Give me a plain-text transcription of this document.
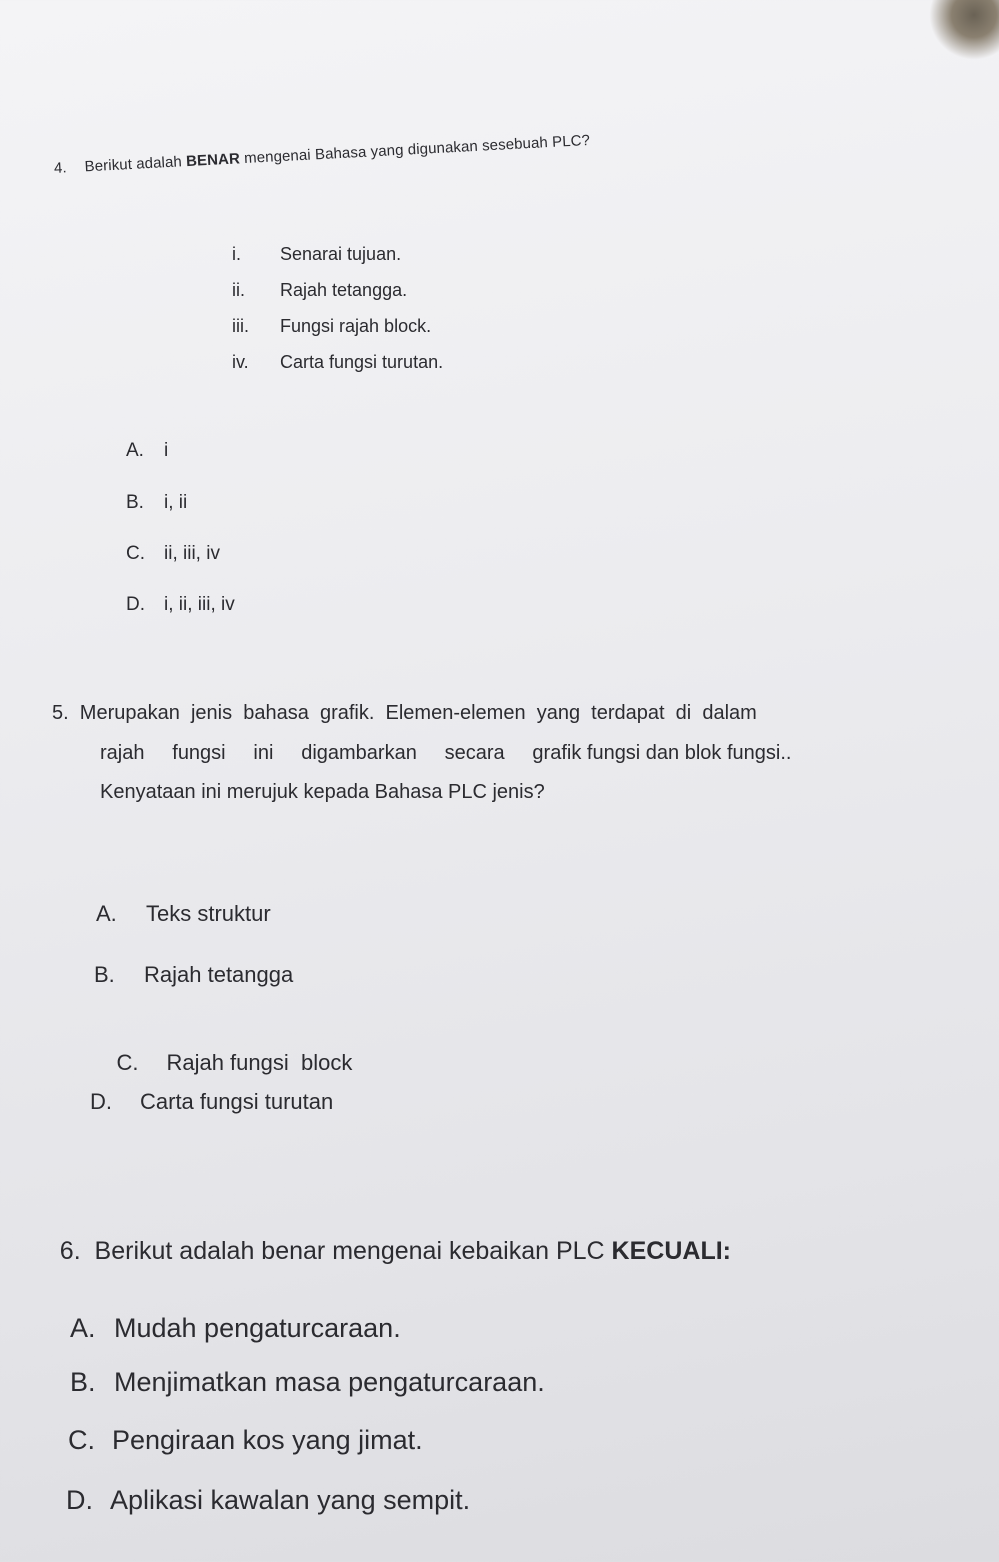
4. Berikut adalah BENAR mengenai Bahasa yang digunakan sesebuah PLC?
i. Senarai tujuan.
ii. Rajah tetangga.
iii. Fungsi rajah block.
iv. Carta fungsi turutan.
A. i
B. i, ii
C. ii, iii, iv
D. i, ii, iii, iv
5.  Merupakan  jenis  bahasa  grafik.  Elemen-elemen  yang  terdapat  di  dalam
rajah     fungsi     ini     digambarkan     secara     grafik fungsi dan blok fungsi..
Kenyataan ini merujuk kepada Bahasa PLC jenis?
A. Teks struktur
B. Rajah tetangga

C. Rajah fungsi  block

D. Carta fungsi turutan

6.  Berikut adalah benar mengenai kebaikan PLC KECUALI:

A. Mudah pengaturcaraan.
B. Menjimatkan masa pengaturcaraan.
C. Pengiraan kos yang jimat.
D. Aplikasi kawalan yang sempit.
